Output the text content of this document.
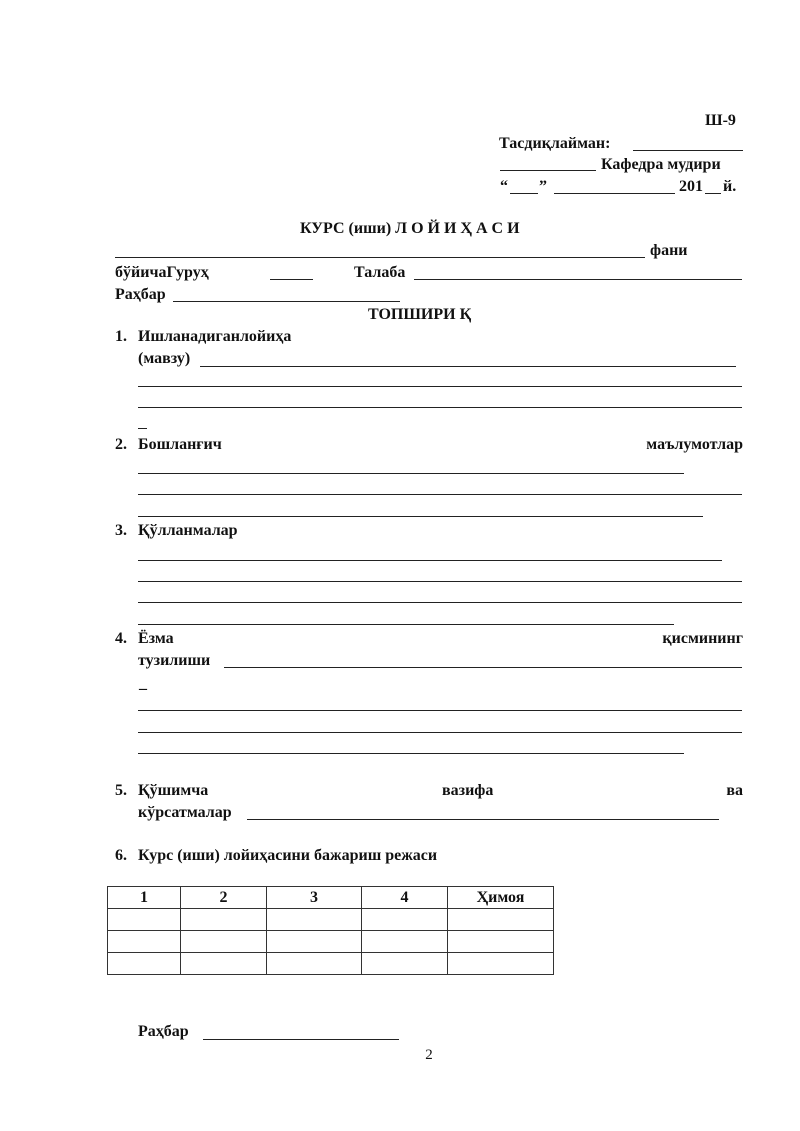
Ш-9
Тасдиқлайман:
Кафедра мудири
“ ”	201 й.
КУРС (иши) Л О Й И Ҳ А С И
фани
бўйичаГуруҳ	Талаба
Раҳбар
ТОПШИРИ Қ
1. Ишланадиганлойиҳа
(мавзу)
2. Бошланғич	маълумотлар
3. Қўлланмалар
4. Ёзма	қисмининг
тузилиши
_
5. Қўшимча	вазифа	ва
кўрсатмалар
6. Курс (иши) лойиҳасини бажариш режаси
1	2	3	4	Ҳимоя

Раҳбар
2
